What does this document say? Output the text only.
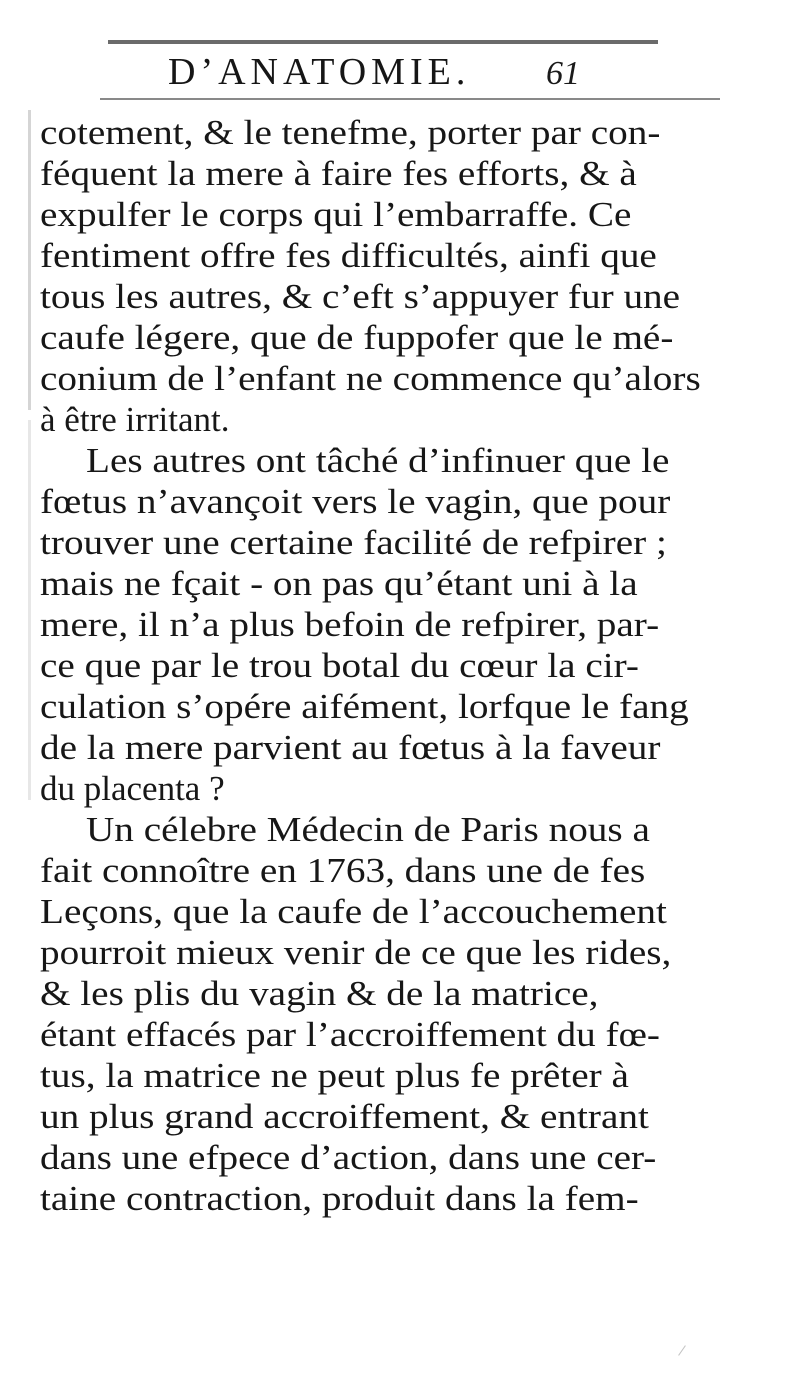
D’ANATOMIE. 61
cotement, & le tenefme, porter par con-
féquent la mere à faire fes efforts, & à
expulfer le corps qui l’embarraffe. Ce
fentiment offre fes difficultés, ainfi que
tous les autres, & c’eft s’appuyer fur une
caufe légere, que de fuppofer que le mé-
conium de l’enfant ne commence qu’alors
à être irritant.
Les autres ont tâché d’infinuer que le
fœtus n’avançoit vers le vagin, que pour
trouver une certaine facilité de refpirer ;
mais ne fçait - on pas qu’étant uni à la
mere, il n’a plus befoin de refpirer, par-
ce que par le trou botal du cœur la cir-
culation s’opére aifément, lorfque le fang
de la mere parvient au fœtus à la faveur
du placenta ?
Un célebre Médecin de Paris nous a
fait connoître en 1763, dans une de fes
Leçons, que la caufe de l’accouchement
pourroit mieux venir de ce que les rides,
& les plis du vagin & de la matrice,
étant effacés par l’accroiffement du fœ-
tus, la matrice ne peut plus fe prêter à
un plus grand accroiffement, & entrant
dans une efpece d’action, dans une cer-
taine contraction, produit dans la fem-
